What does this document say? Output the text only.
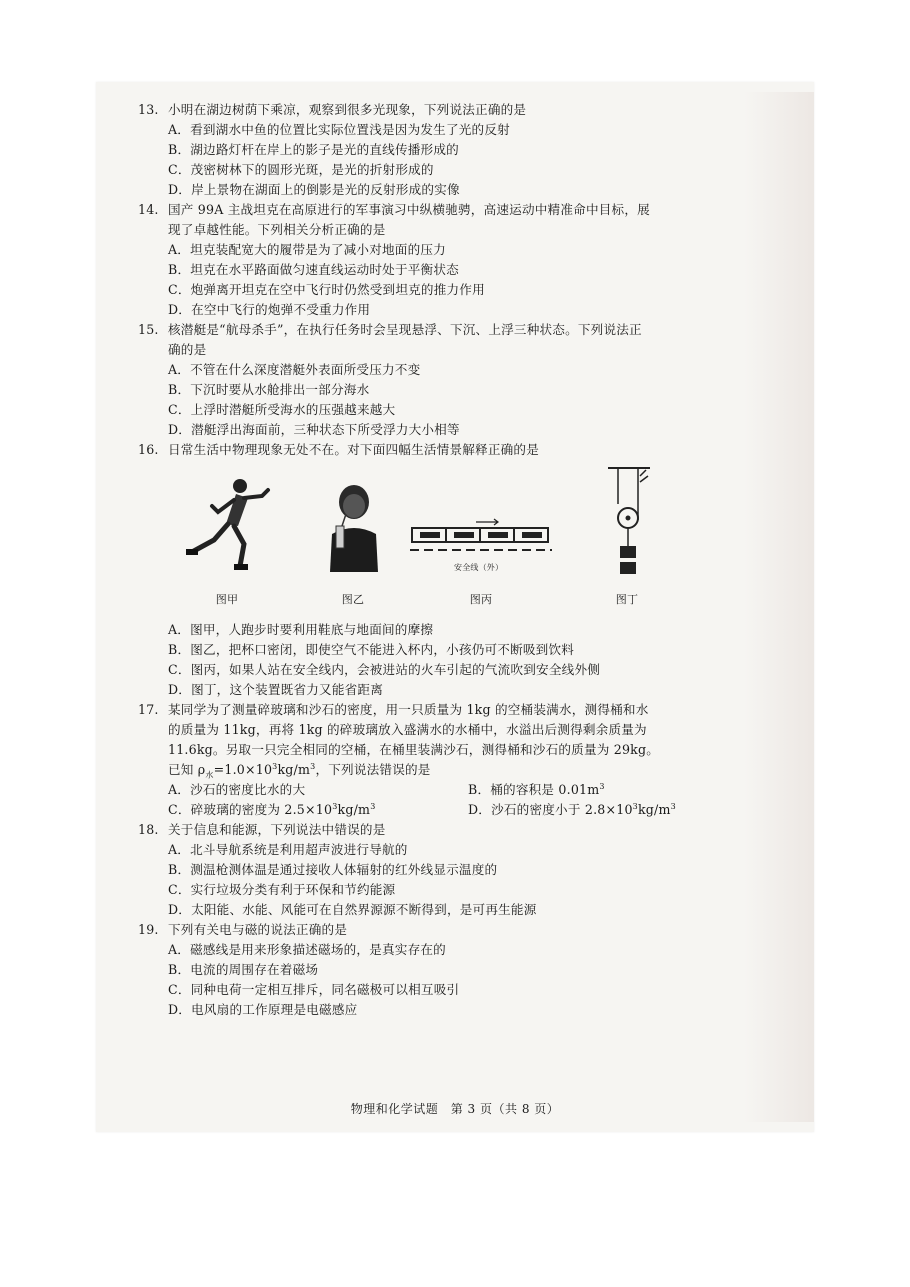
13. 小明在湖边树荫下乘凉，观察到很多光现象，下列说法正确的是
A．看到湖水中鱼的位置比实际位置浅是因为发生了光的反射
B．湖边路灯杆在岸上的影子是光的直线传播形成的
C．茂密树林下的圆形光斑，是光的折射形成的
D．岸上景物在湖面上的倒影是光的反射形成的实像
14. 国产 99A 主战坦克在高原进行的军事演习中纵横驰骋，高速运动中精准命中目标，展
现了卓越性能。下列相关分析正确的是
A．坦克装配宽大的履带是为了减小对地面的压力
B．坦克在水平路面做匀速直线运动时处于平衡状态
C．炮弹离开坦克在空中飞行时仍然受到坦克的推力作用
D．在空中飞行的炮弹不受重力作用
15. 核潜艇是“航母杀手”，在执行任务时会呈现悬浮、下沉、上浮三种状态。下列说法正
确的是
A．不管在什么深度潜艇外表面所受压力不变
B．下沉时要从水舱排出一部分海水
C．上浮时潜艇所受海水的压强越来越大
D．潜艇浮出海面前，三种状态下所受浮力大小相等
16. 日常生活中物理现象无处不在。对下面四幅生活情景解释正确的是
图甲	图乙
安全线（外）
图丙	图丁
A．图甲，人跑步时要利用鞋底与地面间的摩擦
B．图乙，把杯口密闭，即使空气不能进入杯内，小孩仍可不断吸到饮料
C．图丙，如果人站在安全线内，会被进站的火车引起的气流吹到安全线外侧
D．图丁，这个装置既省力又能省距离
17. 某同学为了测量碎玻璃和沙石的密度，用一只质量为 1kg 的空桶装满水，测得桶和水
的质量为 11kg，再将 1kg 的碎玻璃放入盛满水的水桶中，水溢出后测得剩余质量为
11.6kg。另取一只完全相同的空桶，在桶里装满沙石，测得桶和沙石的质量为 29kg。
已知 $\rho_水=1.0\times 10^3kg/m^3$，下列说法错误的是
A．沙石的密度比水的大	B．桶的容积是 $0.01m^3$
C．碎玻璃的密度为 $2.5\times 10^3kg/m^3$	D．沙石的密度小于 $2.8\times 10^3kg/m^3$
18. 关于信息和能源，下列说法中错误的是
A．北斗导航系统是利用超声波进行导航的
B．测温枪测体温是通过接收人体辐射的红外线显示温度的
C．实行垃圾分类有利于环保和节约能源
D．太阳能、水能、风能可在自然界源源不断得到，是可再生能源
19. 下列有关电与磁的说法正确的是
A．磁感线是用来形象描述磁场的，是真实存在的
B．电流的周围存在着磁场
C．同种电荷一定相互排斥，同名磁极可以相互吸引
D．电风扇的工作原理是电磁感应
物理和化学试题　第 3 页（共 8 页）
